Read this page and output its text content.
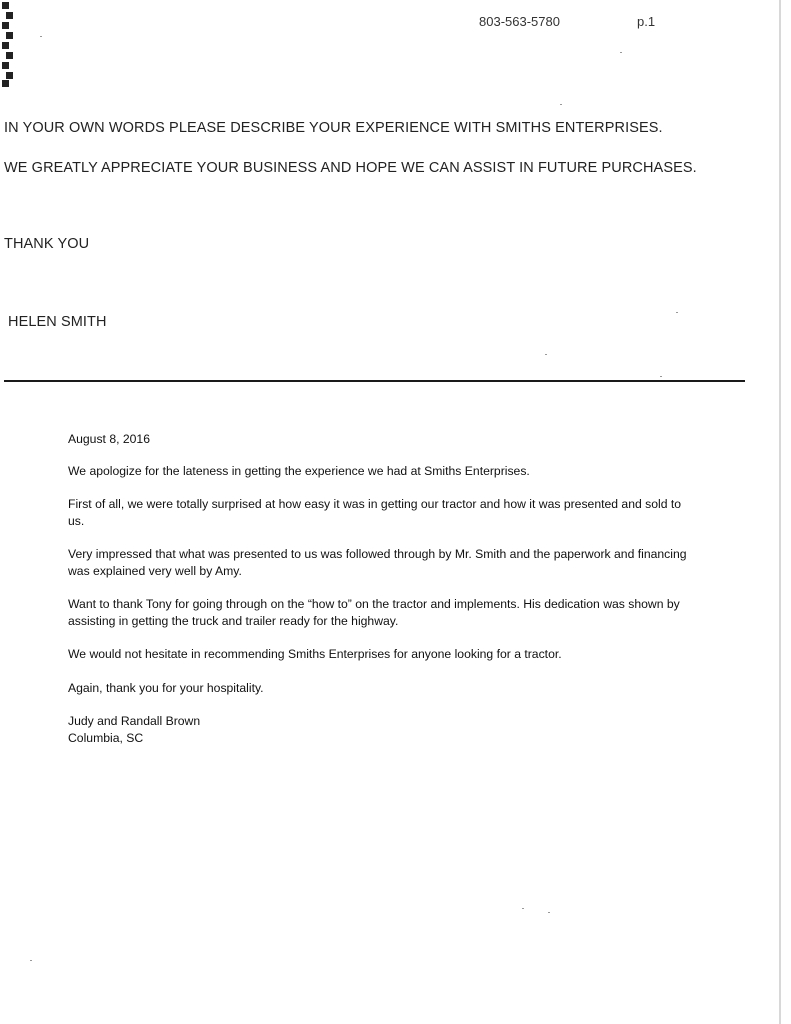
803-563-5780	p.1
IN YOUR OWN WORDS PLEASE DESCRIBE YOUR EXPERIENCE WITH SMITHS ENTERPRISES.
WE GREATLY APPRECIATE YOUR BUSINESS AND HOPE WE CAN ASSIST IN FUTURE PURCHASES.
THANK YOU
HELEN SMITH

August 8, 2016

We apologize for the lateness in getting the experience we had at Smiths Enterprises.

First of all, we were totally surprised at how easy it was in getting our tractor and how it was presented and sold to us.

Very impressed that what was presented to us was followed through by Mr. Smith and the paperwork and financing was explained very well by Amy.

Want to thank Tony for going through on the “how to” on the tractor and implements. His dedication was shown by assisting in getting the truck and trailer ready for the highway.

We would not hesitate in recommending Smiths Enterprises for anyone looking for a tractor.

Again, thank you for your hospitality.

Judy and Randall Brown

Columbia, SC
